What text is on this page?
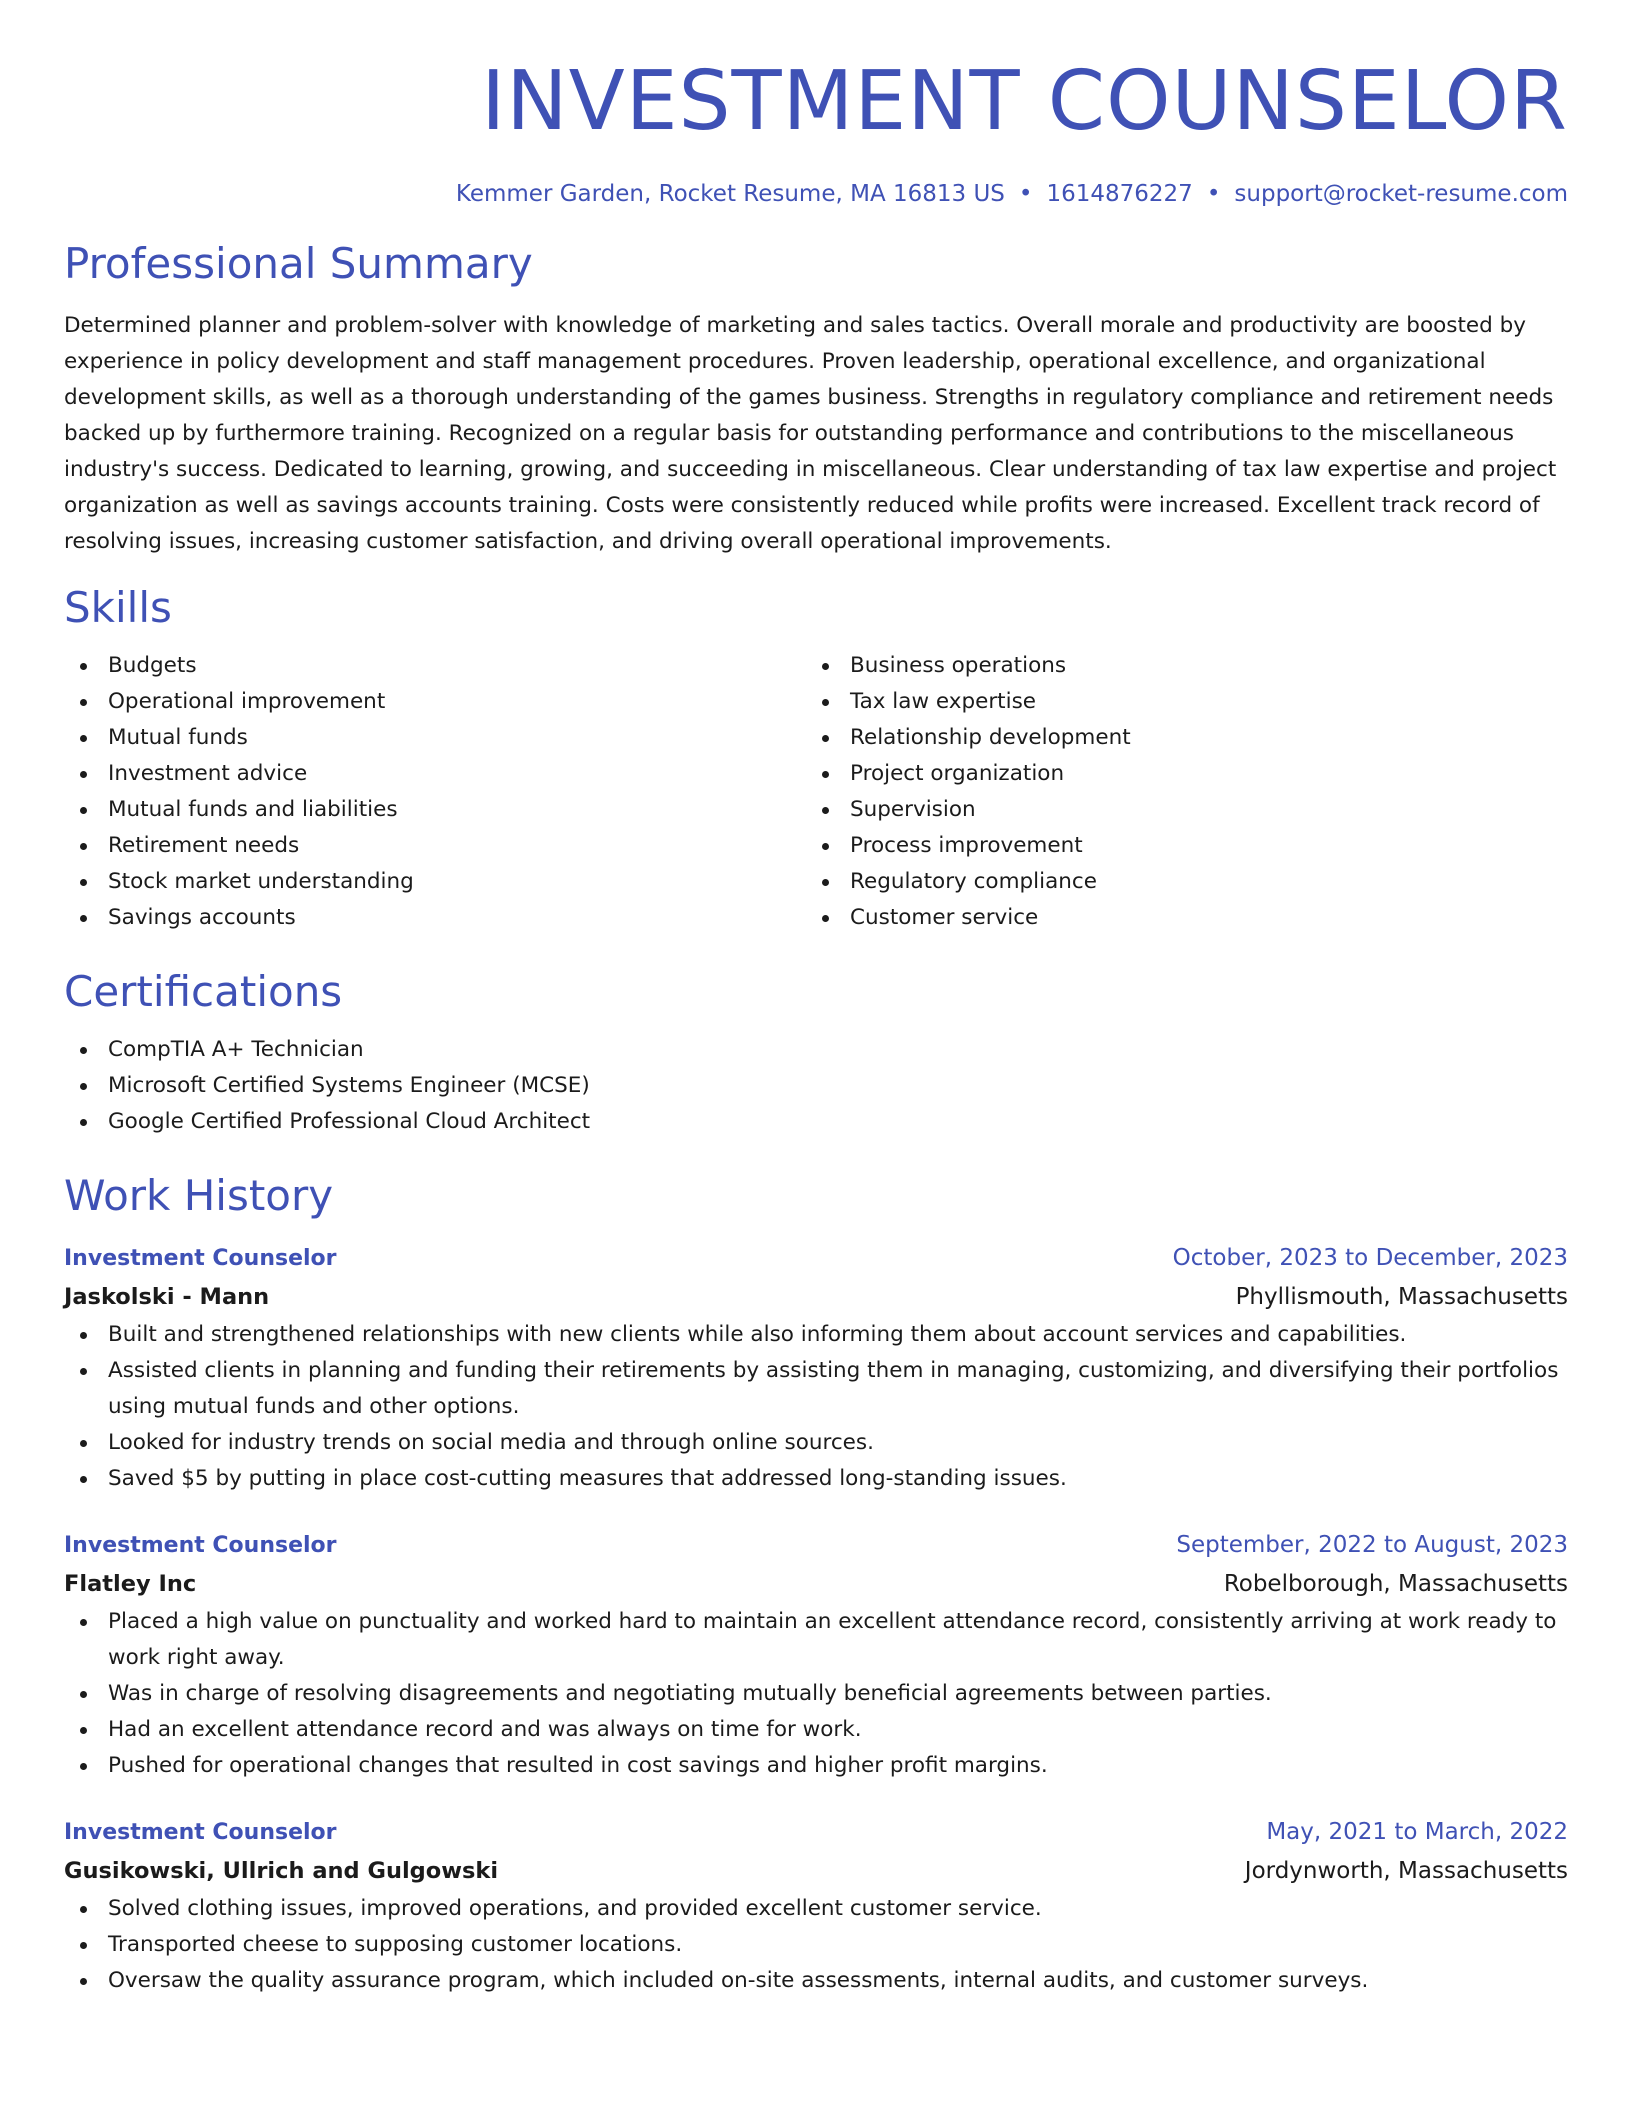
INVESTMENT COUNSELOR
Kemmer Garden, Rocket Resume, MA 16813 US • 1614876227 • support@rocket-resume.com
Professional Summary
Determined planner and problem-solver with knowledge of marketing and sales tactics. Overall morale and productivity are boosted by experience in policy development and staff management procedures. Proven leadership, operational excellence, and organizational development skills, as well as a thorough understanding of the games business. Strengths in regulatory compliance and retirement needs backed up by furthermore training. Recognized on a regular basis for outstanding performance and contributions to the miscellaneous industry's success. Dedicated to learning, growing, and succeeding in miscellaneous. Clear understanding of tax law expertise and project organization as well as savings accounts training. Costs were consistently reduced while profits were increased. Excellent track record of resolving issues, increasing customer satisfaction, and driving overall operational improvements.
Skills
Budgets
Operational improvement
Mutual funds
Investment advice
Mutual funds and liabilities
Retirement needs
Stock market understanding
Savings accounts
Business operations
Tax law expertise
Relationship development
Project organization
Supervision
Process improvement
Regulatory compliance
Customer service
Certifications
CompTIA A+ Technician
Microsoft Certified Systems Engineer (MCSE)
Google Certified Professional Cloud Architect
Work History
Investment Counselor	October, 2023 to December, 2023
Jaskolski - Mann	Phyllismouth, Massachusetts
Built and strengthened relationships with new clients while also informing them about account services and capabilities.
Assisted clients in planning and funding their retirements by assisting them in managing, customizing, and diversifying their portfolios using mutual funds and other options.
Looked for industry trends on social media and through online sources.
Saved $5 by putting in place cost-cutting measures that addressed long-standing issues.
Investment Counselor	September, 2022 to August, 2023
Flatley Inc	Robelborough, Massachusetts
Placed a high value on punctuality and worked hard to maintain an excellent attendance record, consistently arriving at work ready to work right away.
Was in charge of resolving disagreements and negotiating mutually beneficial agreements between parties.
Had an excellent attendance record and was always on time for work.
Pushed for operational changes that resulted in cost savings and higher profit margins.
Investment Counselor	May, 2021 to March, 2022
Gusikowski, Ullrich and Gulgowski	Jordynworth, Massachusetts
Solved clothing issues, improved operations, and provided excellent customer service.
Transported cheese to supposing customer locations.
Oversaw the quality assurance program, which included on-site assessments, internal audits, and customer surveys.
